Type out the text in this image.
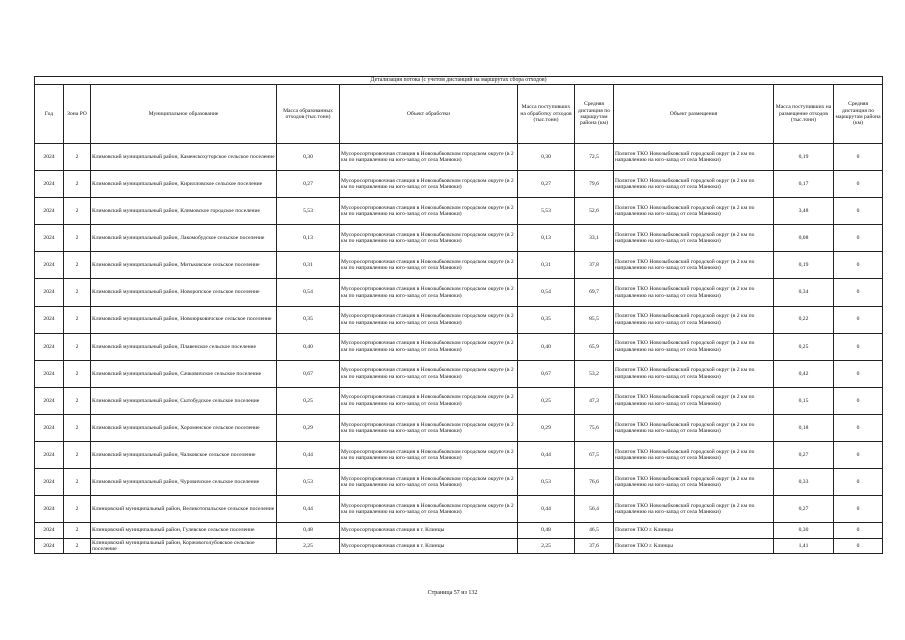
Детализация потока (с учетом дистанций на маршрутах сбора отходов)									
Год	Зона РО	Муниципальное образование	Масса образованных отходов (тыс.тонн)	Объект обработки	Масса поступивших на обработку отходов (тыс.тонн)	Средняя дистанция по маршрутам района (км)	Объект размещения	Масса поступивших на размещение отходов (тыс.тонн)	Средняя дистанция по маршрутам района (км)
2024	2	Климовский муниципальный район, Каменскохуторское сельское поселение	0,30	Мусоросортировочная станция в Новозыбковском городском округе (в 2 км по направлению на юго-запад от села Манюки)	0,30	72,5	Полигон ТКО Новозыбковский городской округ (в 2 км по направлению на юго-запад от села Манюки)	0,19	0
2024	2	Климовский муниципальный район, Кирилловское сельское поселение	0,27	Мусоросортировочная станция в Новозыбковском городском округе (в 2 км по направлению на юго-запад от села Манюки)	0,27	79,6	Полигон ТКО Новозыбковский городской округ (в 2 км по направлению на юго-запад от села Манюки)	0,17	0
2024	2	Климовский муниципальный район, Климовское городское поселение	5,53	Мусоросортировочная станция в Новозыбковском городском округе (в 2 км по направлению на юго-запад от села Манюки)	5,53	52,6	Полигон ТКО Новозыбковский городской округ (в 2 км по направлению на юго-запад от села Манюки)	3,48	0
2024	2	Климовский муниципальный район, Лакомобудское сельское поселение	0,13	Мусоросортировочная станция в Новозыбковском городском округе (в 2 км по направлению на юго-запад от села Манюки)	0,13	33,1	Полигон ТКО Новозыбковский городской округ (в 2 км по направлению на юго-запад от села Манюки)	0,08	0
2024	2	Климовский муниципальный район, Митьковское сельское поселение	0,31	Мусоросортировочная станция в Новозыбковском городском округе (в 2 км по направлению на юго-запад от села Манюки)	0,31	37,8	Полигон ТКО Новозыбковский городской округ (в 2 км по направлению на юго-запад от села Манюки)	0,19	0
2024	2	Климовский муниципальный район, Новоропское сельское поселение	0,54	Мусоросортировочная станция в Новозыбковском городском округе (в 2 км по направлению на юго-запад от села Манюки)	0,54	69,7	Полигон ТКО Новозыбковский городской округ (в 2 км по направлению на юго-запад от села Манюки)	0,34	0
2024	2	Климовский муниципальный район, Новоюрковичское сельское поселение	0,35	Мусоросортировочная станция в Новозыбковском городском округе (в 2 км по направлению на юго-запад от села Манюки)	0,35	85,5	Полигон ТКО Новозыбковский городской округ (в 2 км по направлению на юго-запад от села Манюки)	0,22	0
2024	2	Климовский муниципальный район, Плавенское сельское поселение	0,40	Мусоросортировочная станция в Новозыбковском городском округе (в 2 км по направлению на юго-запад от села Манюки)	0,40	65,9	Полигон ТКО Новозыбковский городской округ (в 2 км по направлению на юго-запад от села Манюки)	0,25	0
2024	2	Климовский муниципальный район, Сачковичское сельское поселение	0,67	Мусоросортировочная станция в Новозыбковском городском округе (в 2 км по направлению на юго-запад от села Манюки)	0,67	53,2	Полигон ТКО Новозыбковский городской округ (в 2 км по направлению на юго-запад от села Манюки)	0,42	0
2024	2	Климовский муниципальный район, Сытобудское сельское поселение	0,25	Мусоросортировочная станция в Новозыбковском городском округе (в 2 км по направлению на юго-запад от села Манюки)	0,25	47,3	Полигон ТКО Новозыбковский городской округ (в 2 км по направлению на юго-запад от села Манюки)	0,15	0
2024	2	Климовский муниципальный район, Хороменское сельское поселение	0,29	Мусоросортировочная станция в Новозыбковском городском округе (в 2 км по направлению на юго-запад от села Манюки)	0,29	75,6	Полигон ТКО Новозыбковский городской округ (в 2 км по направлению на юго-запад от села Манюки)	0,18	0
2024	2	Климовский муниципальный район, Чалковское сельское поселение	0,44	Мусоросортировочная станция в Новозыбковском городском округе (в 2 км по направлению на юго-запад от села Манюки)	0,44	67,5	Полигон ТКО Новозыбковский городской округ (в 2 км по направлению на юго-запад от села Манюки)	0,27	0
2024	2	Климовский муниципальный район, Чуровичское сельское поселение	0,53	Мусоросортировочная станция в Новозыбковском городском округе (в 2 км по направлению на юго-запад от села Манюки)	0,53	76,6	Полигон ТКО Новозыбковский городской округ (в 2 км по направлению на юго-запад от села Манюки)	0,33	0
2024	2	Клинцовский муниципальный район, Великотопальское сельское поселение	0,44	Мусоросортировочная станция в Новозыбковском городском округе (в 2 км по направлению на юго-запад от села Манюки)	0,44	56,4	Полигон ТКО Новозыбковский городской округ (в 2 км по направлению на юго-запад от села Манюки)	0,27	0
2024	2	Клинцовский муниципальный район, Гулевское сельское поселение	0,48	Мусоросортировочная станция в г. Клинцы	0,48	46,5	Полигон ТКО г. Клинцы	0,30	0
2024	2	Клинцовский муниципальный район, Коржовоголубовское сельское поселение	2,25	Мусоросортировочная станция в г. Клинцы	2,25	37,6	Полигон ТКО г. Клинцы	1,41	0
Страница 57 из 132
